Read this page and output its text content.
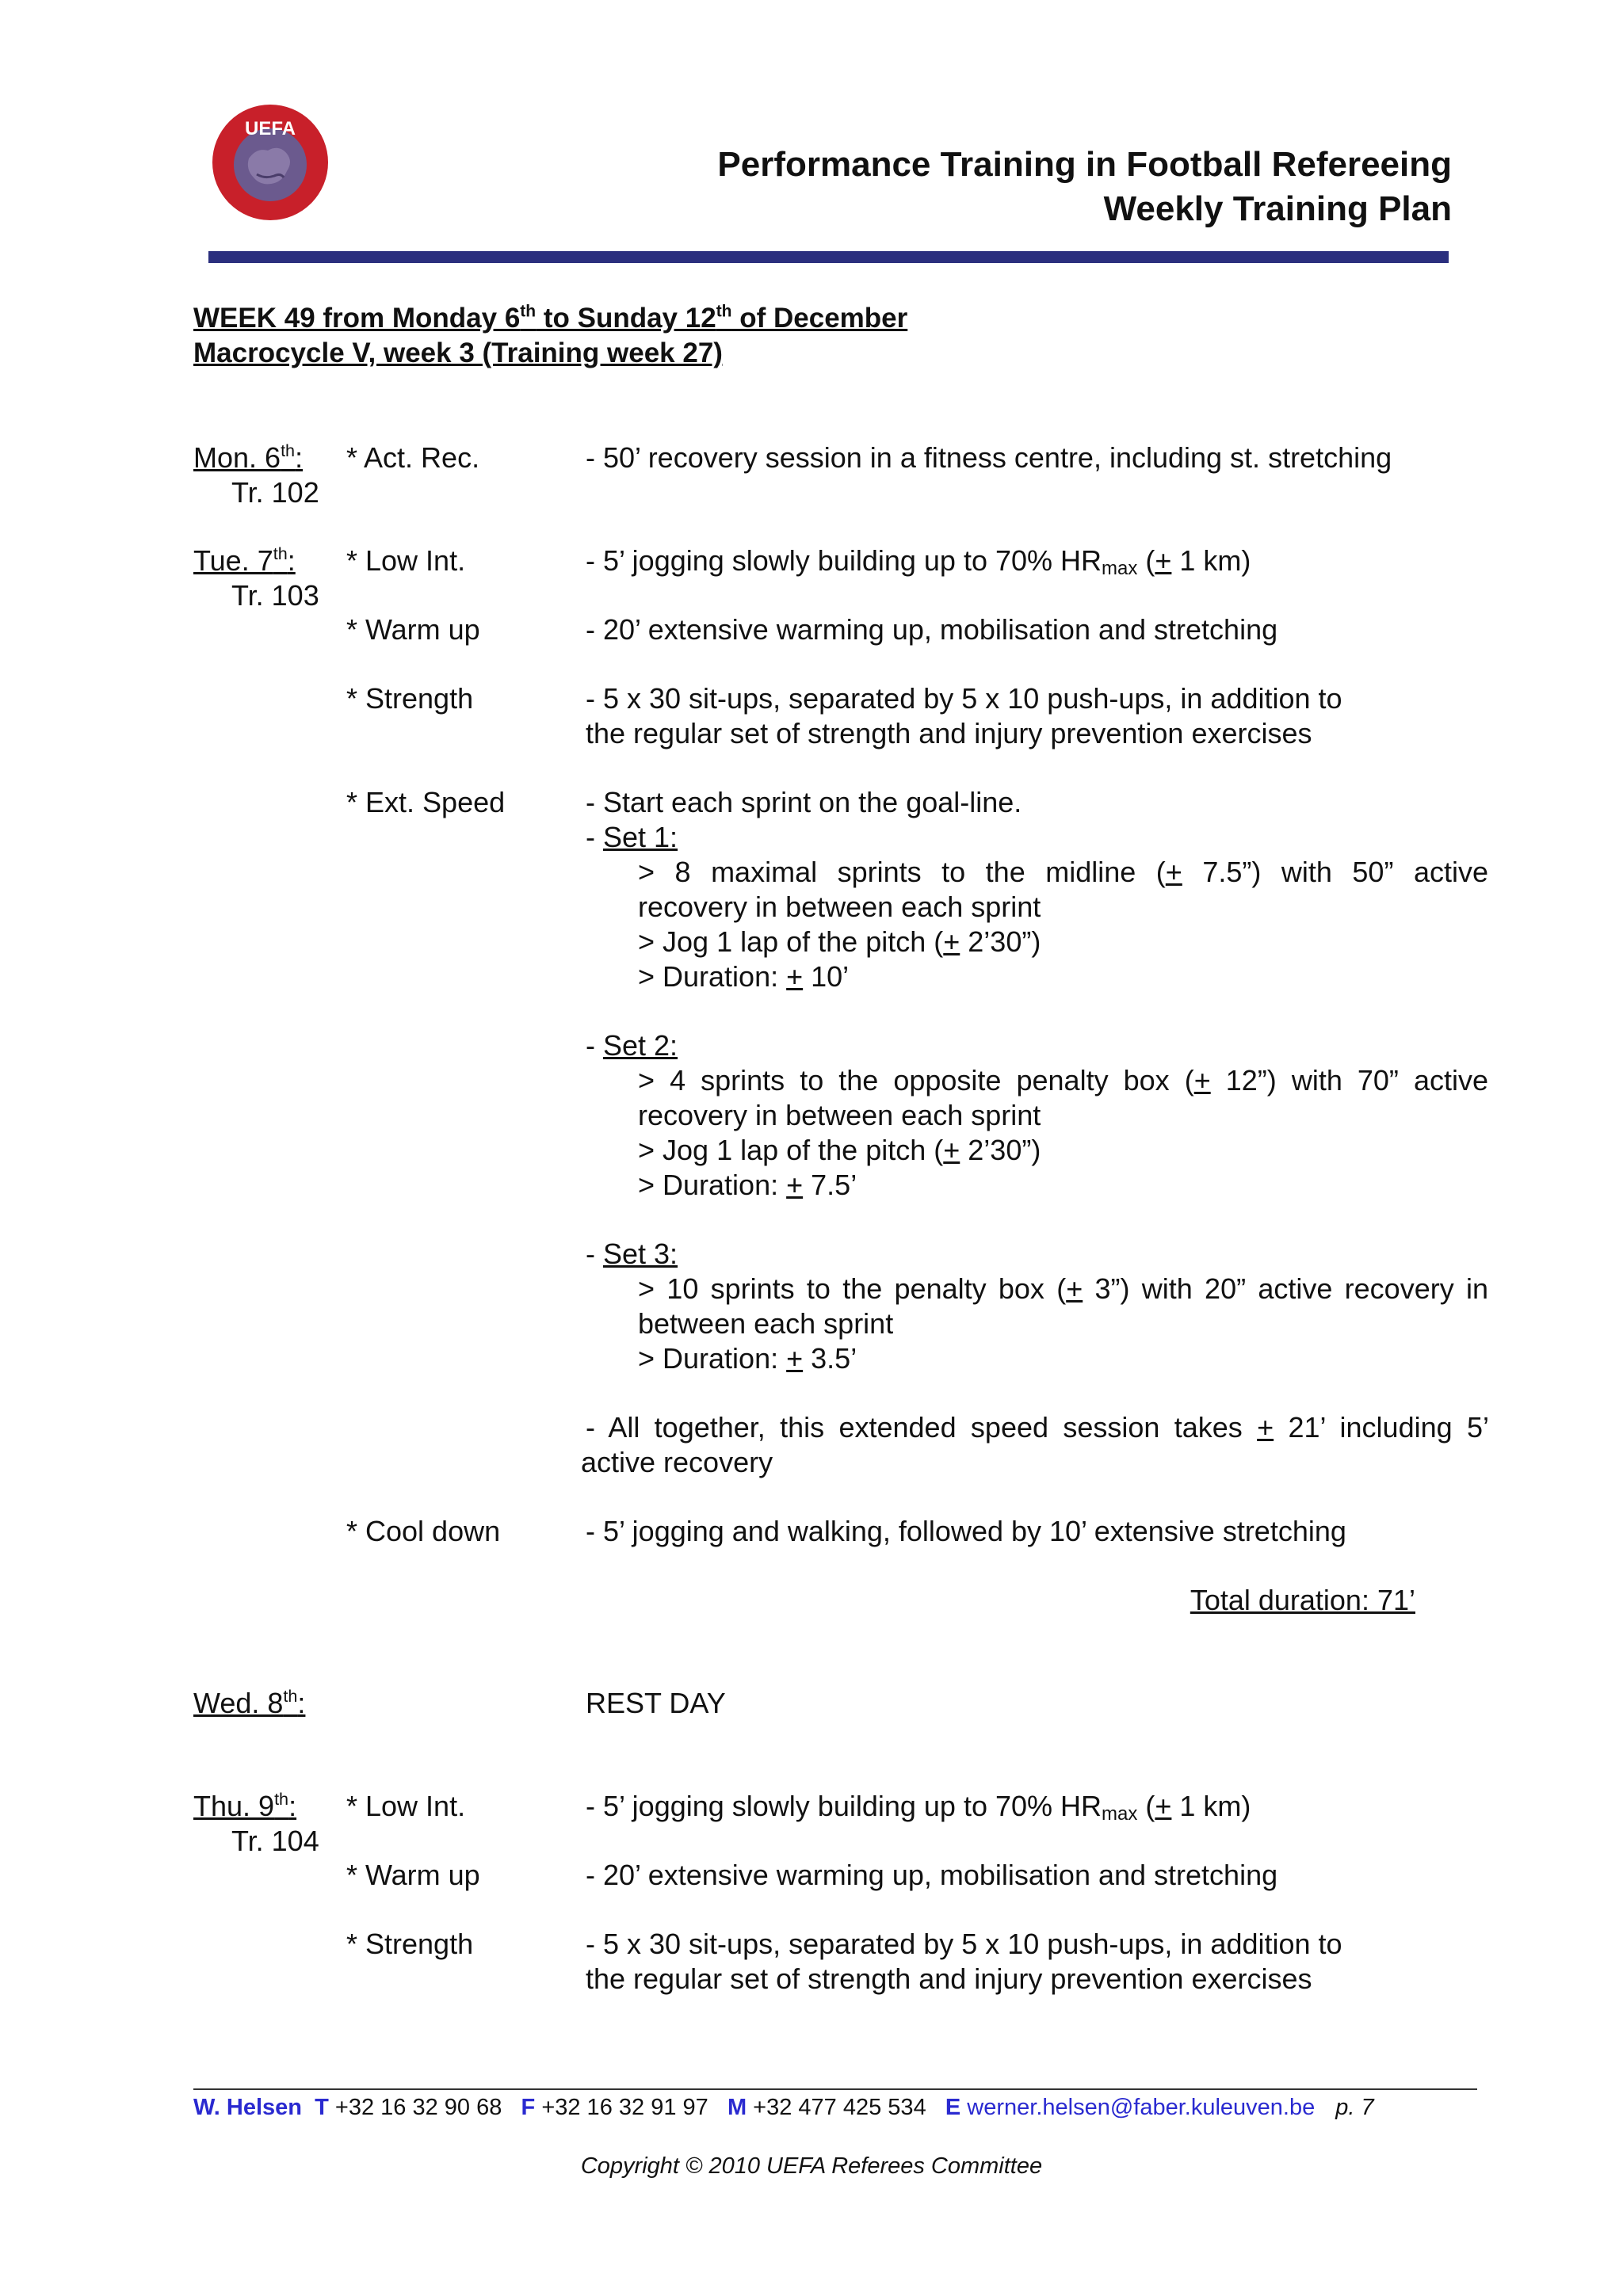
UEFA
Performance Training in Football Refereeing
Weekly Training Plan
WEEK 49 from Monday 6th to Sunday 12th of December
Macrocycle V, week 3 (Training week 27)
Mon. 6th:
Tr. 102
* Act. Rec.	- 50’ recovery session in a fitness centre, including st. stretching
Tue. 7th:
Tr. 103
* Low Int.	- 5’ jogging slowly building up to 70% HRmax (+ 1 km)
* Warm up	- 20’ extensive warming up, mobilisation and stretching
* Strength	- 5 x 30 sit-ups, separated by 5 x 10 push-ups, in addition to
the regular set of strength and injury prevention exercises
* Ext. Speed	- Start each sprint on the goal-line.
- Set 1:
> 8 maximal sprints to the midline (+ 7.5”) with 50” active
recovery in between each sprint
> Jog 1 lap of the pitch (+ 2’30”)
> Duration: + 10’
- Set 2:
> 4 sprints to the opposite penalty box (+ 12”) with 70” active
recovery in between each sprint
> Jog 1 lap of the pitch (+ 2’30”)
> Duration: + 7.5’
- Set 3:
> 10 sprints to the penalty box (+ 3”) with 20” active recovery in
between each sprint
> Duration: + 3.5’
- All together, this extended speed session takes + 21’ including 5’
active recovery
* Cool down	- 5’ jogging and walking, followed by 10’ extensive stretching
Total duration: 71’
Wed. 8th:	REST DAY
Thu. 9th:
Tr. 104
* Low Int.	- 5’ jogging slowly building up to 70% HRmax (+ 1 km)
* Warm up	- 20’ extensive warming up, mobilisation and stretching
* Strength	- 5 x 30 sit-ups, separated by 5 x 10 push-ups, in addition to
the regular set of strength and injury prevention exercises
W. Helsen T +32 16 32 90 68 F +32 16 32 91 97 M +32 477 425 534 E werner.helsen@faber.kuleuven.be p. 7
Copyright © 2010 UEFA Referees Committee
